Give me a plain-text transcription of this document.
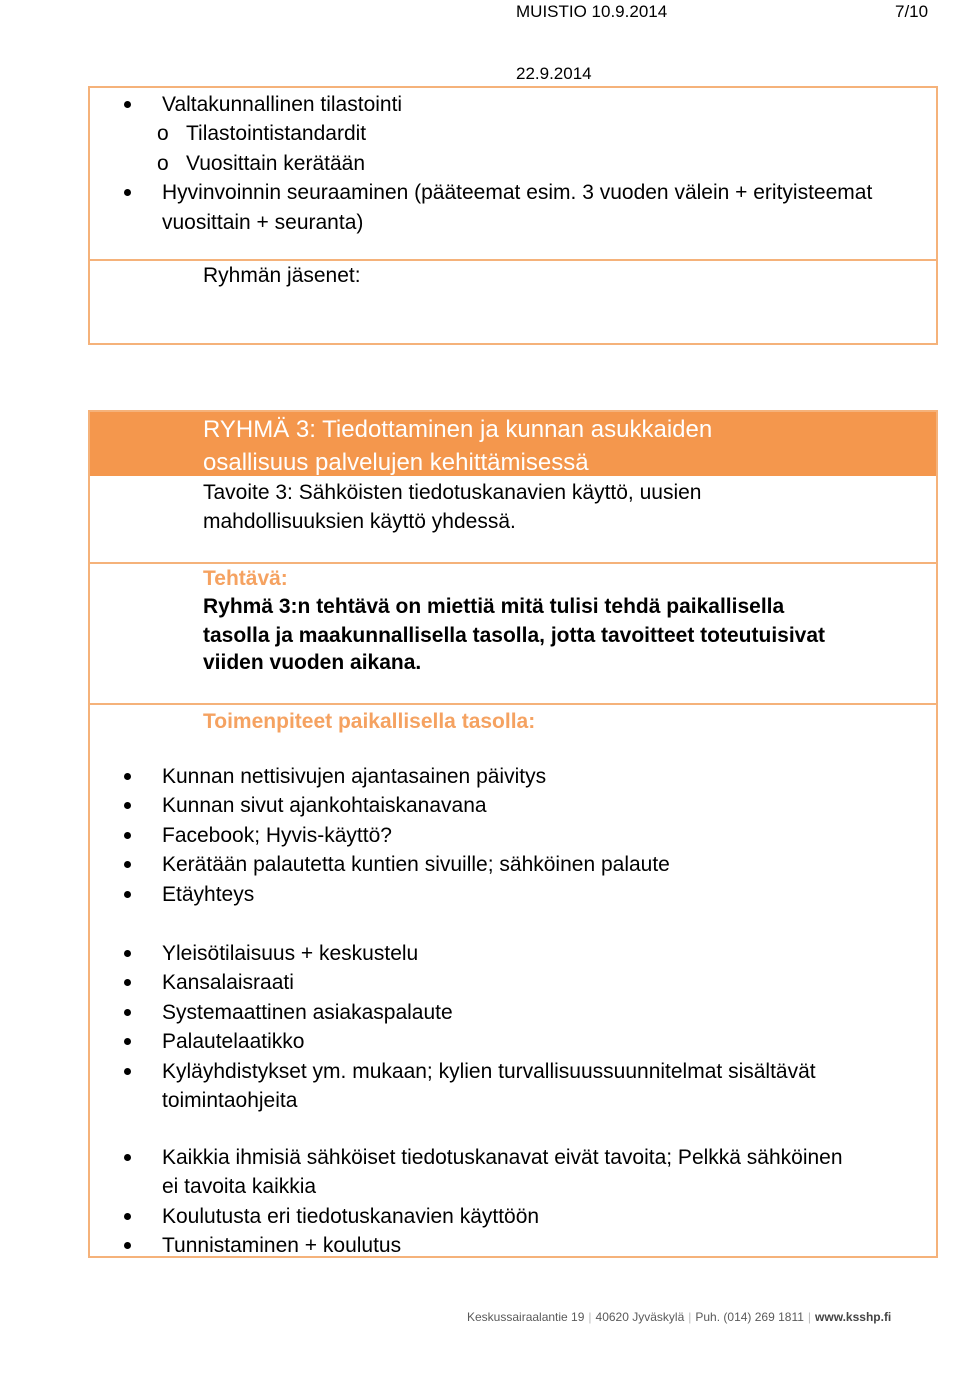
MUISTIO 10.9.2014	7/10
22.9.2014
Valtakunnallinen tilastointi
o Tilastointistandardit
o Vuosittain kerätään
Hyvinvoinnin seuraaminen (pääteemat esim. 3 vuoden välein + erityisteemat vuosittain + seuranta)
Ryhmän jäsenet:
RYHMÄ 3: Tiedottaminen ja kunnan asukkaiden
osallisuus palvelujen kehittämisessä
Tavoite 3: Sähköisten tiedotuskanavien käyttö, uusien
mahdollisuuksien käyttö yhdessä.
Tehtävä:
Ryhmä 3:n tehtävä on miettiä mitä tulisi tehdä paikallisella
tasolla ja maakunnallisella tasolla, jotta tavoitteet toteutuisivat
viiden vuoden aikana.
Toimenpiteet paikallisella tasolla:
Kunnan nettisivujen ajantasainen päivitys
Kunnan sivut ajankohtaiskanavana
Facebook; Hyvis-käyttö?
Kerätään palautetta kuntien sivuille; sähköinen palaute
Etäyhteys
Yleisötilaisuus + keskustelu
Kansalaisraati
Systemaattinen asiakaspalaute
Palautelaatikko
Kyläyhdistykset ym. mukaan; kylien turvallisuussuunnitelmat sisältävät toimintaohjeita
Kaikkia ihmisiä sähköiset tiedotuskanavat eivät tavoita; Pelkkä sähköinen ei tavoita kaikkia
Koulutusta eri tiedotuskanavien käyttöön
Tunnistaminen + koulutus
Keskussairaalantie 19 | 40620 Jyväskylä | Puh. (014) 269 1811 | www.ksshp.fi
